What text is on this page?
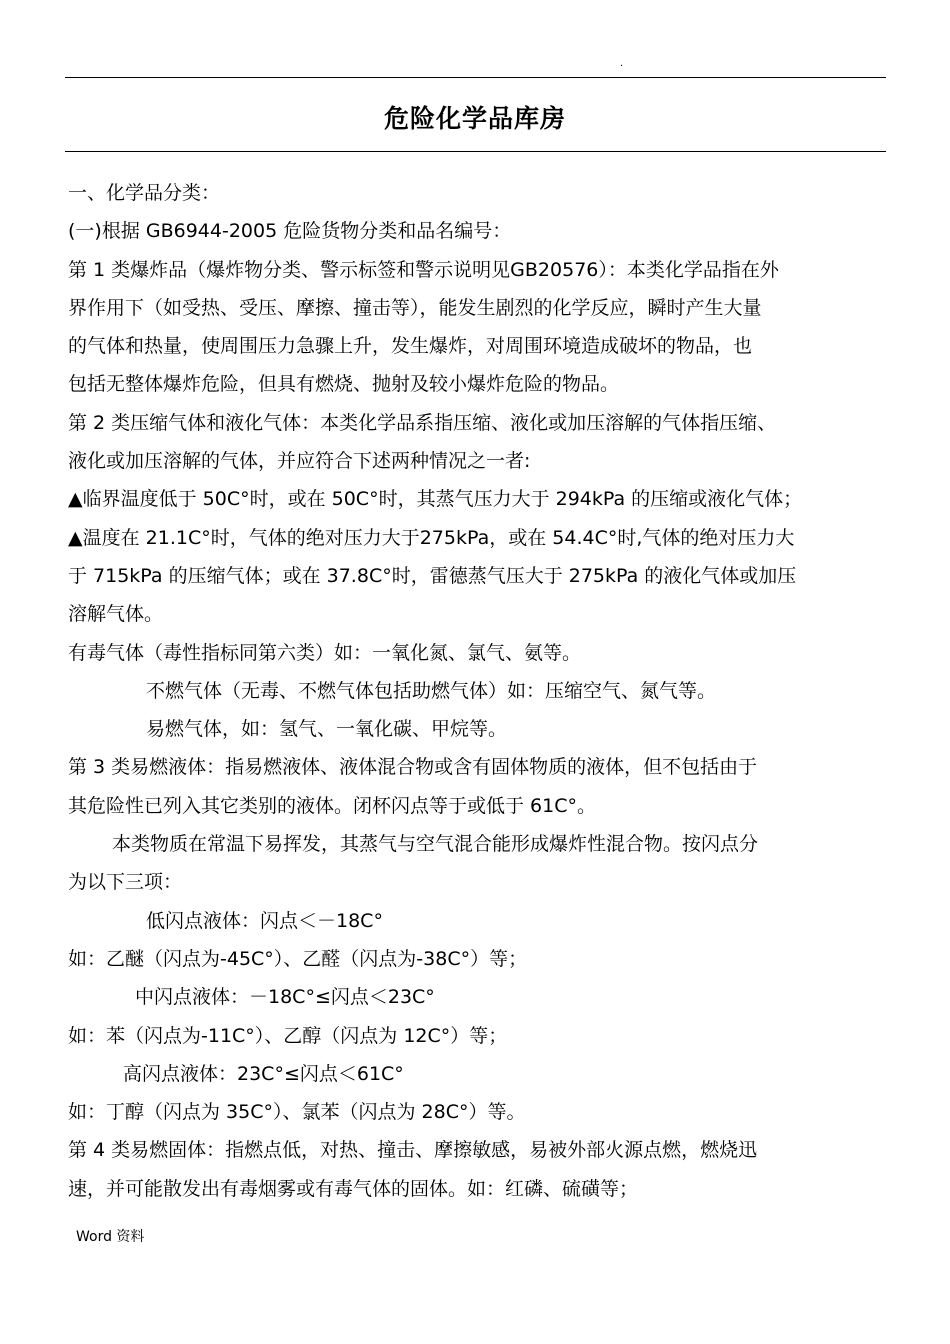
.
危险化学品库房
一、化学品分类：
(一)根据 GB6944-2005 危险货物分类和品名编号：
第 1 类爆炸品（爆炸物分类、警示标签和警示说明见GB20576）：本类化学品指在外
界作用下（如受热、受压、摩擦、撞击等），能发生剧烈的化学反应，瞬时产生大量
的气体和热量，使周围压力急骤上升，发生爆炸，对周围环境造成破坏的物品，也
包括无整体爆炸危险，但具有燃烧、抛射及较小爆炸危险的物品。
第 2 类压缩气体和液化气体：本类化学品系指压缩、液化或加压溶解的气体指压缩、
液化或加压溶解的气体，并应符合下述两种情况之一者:
▲临界温度低于 50C°时，或在 50C°时，其蒸气压力大于 294kPa 的压缩或液化气体；
▲温度在 21.1C°时，气体的绝对压力大于275kPa，或在 54.4C°时,气体的绝对压力大
于 715kPa 的压缩气体；或在 37.8C°时，雷德蒸气压大于 275kPa 的液化气体或加压
溶解气体。
有毒气体（毒性指标同第六类）如：一氧化氮、氯气、氨等。
不燃气体（无毒、不燃气体包括助燃气体）如：压缩空气、氮气等。
易燃气体，如：氢气、一氧化碳、甲烷等。
第 3 类易燃液体：指易燃液体、液体混合物或含有固体物质的液体，但不包括由于
其危险性已列入其它类别的液体。闭杯闪点等于或低于 61C°。
本类物质在常温下易挥发，其蒸气与空气混合能形成爆炸性混合物。按闪点分
为以下三项：
低闪点液体：闪点＜－18C°
如：乙醚（闪点为-45C°）、乙醛（闪点为-38C°）等；
中闪点液体：－18C°≤闪点＜23C°
如：苯（闪点为-11C°）、乙醇（闪点为 12C°）等；
高闪点液体：23C°≤闪点＜61C°
如：丁醇（闪点为 35C°）、氯苯（闪点为 28C°）等。
第 4 类易燃固体：指燃点低，对热、撞击、摩擦敏感，易被外部火源点燃，燃烧迅
速，并可能散发出有毒烟雾或有毒气体的固体。如：红磷、硫磺等；
Word 资料
